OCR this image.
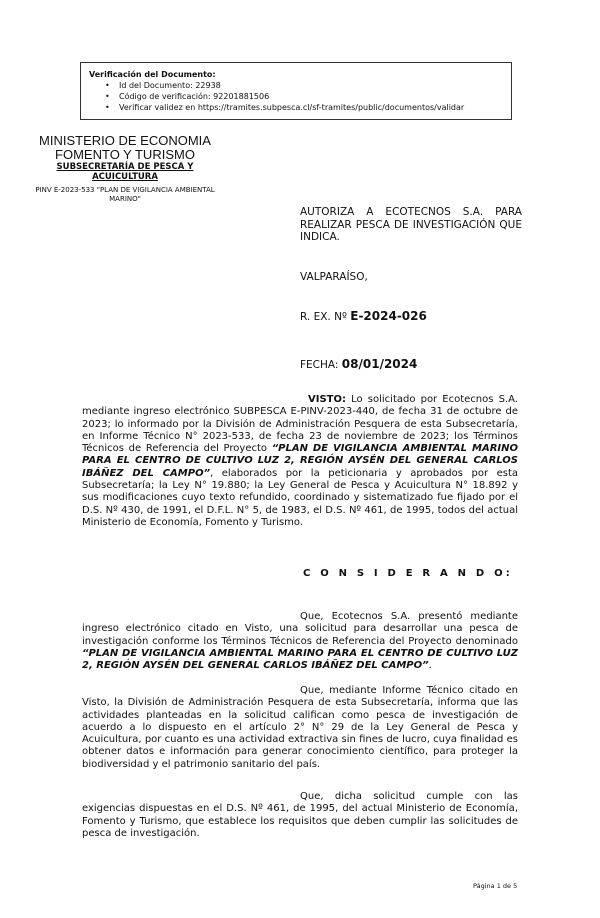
Verificación del Documento:
• Id del Documento: 22938
• Código de verificación: 92201881506
• Verificar validez en https://tramites.subpesca.cl/sf-tramites/public/documentos/validar
MINISTERIO DE ECONOMIA
FOMENTO Y TURISMO
SUBSECRETARÍA DE PESCA Y ACUICULTURA
PINV E-2023-533 "PLAN DE VIGILANCIA AMBIENTAL MARINO"
AUTORIZA A ECOTECNOS S.A. PARA REALIZAR PESCA DE INVESTIGACIÓN QUE INDICA.
VALPARAÍSO,
R. EX. Nº E-2024-026
FECHA: 08/01/2024

VISTO: Lo solicitado por Ecotecnos S.A. mediante ingreso electrónico SUBPESCA E-PINV-2023-440, de fecha 31 de octubre de 2023; lo informado por la División de Administración Pesquera de esta Subsecretaría, en Informe Técnico N° 2023-533, de fecha 23 de noviembre de 2023; los Términos Técnicos de Referencia del Proyecto “PLAN DE VIGILANCIA AMBIENTAL MARINO PARA EL CENTRO DE CULTIVO LUZ 2, REGIÓN AYSÉN DEL GENERAL CARLOS IBÁÑEZ DEL CAMPO”, elaborados por la peticionaria y aprobados por esta Subsecretaría; la Ley N° 19.880; la Ley General de Pesca y Acuicultura N° 18.892 y sus modificaciones cuyo texto refundido, coordinado y sistematizado fue fijado por el D.S. Nº 430, de 1991, el D.F.L. N° 5, de 1983, el D.S. Nº 461, de 1995, todos del actual Ministerio de Economía, Fomento y Turismo.

C O N S I D E R A N D O:

Que, Ecotecnos S.A. presentó mediante ingreso electrónico citado en Visto, una solicitud para desarrollar una pesca de investigación conforme los Términos Técnicos de Referencia del Proyecto denominado “PLAN DE VIGILANCIA AMBIENTAL MARINO PARA EL CENTRO DE CULTIVO LUZ 2, REGIÓN AYSÉN DEL GENERAL CARLOS IBÁÑEZ DEL CAMPO”.

Que, mediante Informe Técnico citado en Visto, la División de Administración Pesquera de esta Subsecretaría, informa que las actividades planteadas en la solicitud califican como pesca de investigación de acuerdo a lo dispuesto en el artículo 2° N° 29 de la Ley General de Pesca y Acuicultura, por cuanto es una actividad extractiva sin fines de lucro, cuya finalidad es obtener datos e información para generar conocimiento científico, para proteger la biodiversidad y el patrimonio sanitario del país.

Que, dicha solicitud cumple con las exigencias dispuestas en el D.S. Nº 461, de 1995, del actual Ministerio de Economía, Fomento y Turismo, que establece los requisitos que deben cumplir las solicitudes de pesca de investigación.

Página 1 de 5
